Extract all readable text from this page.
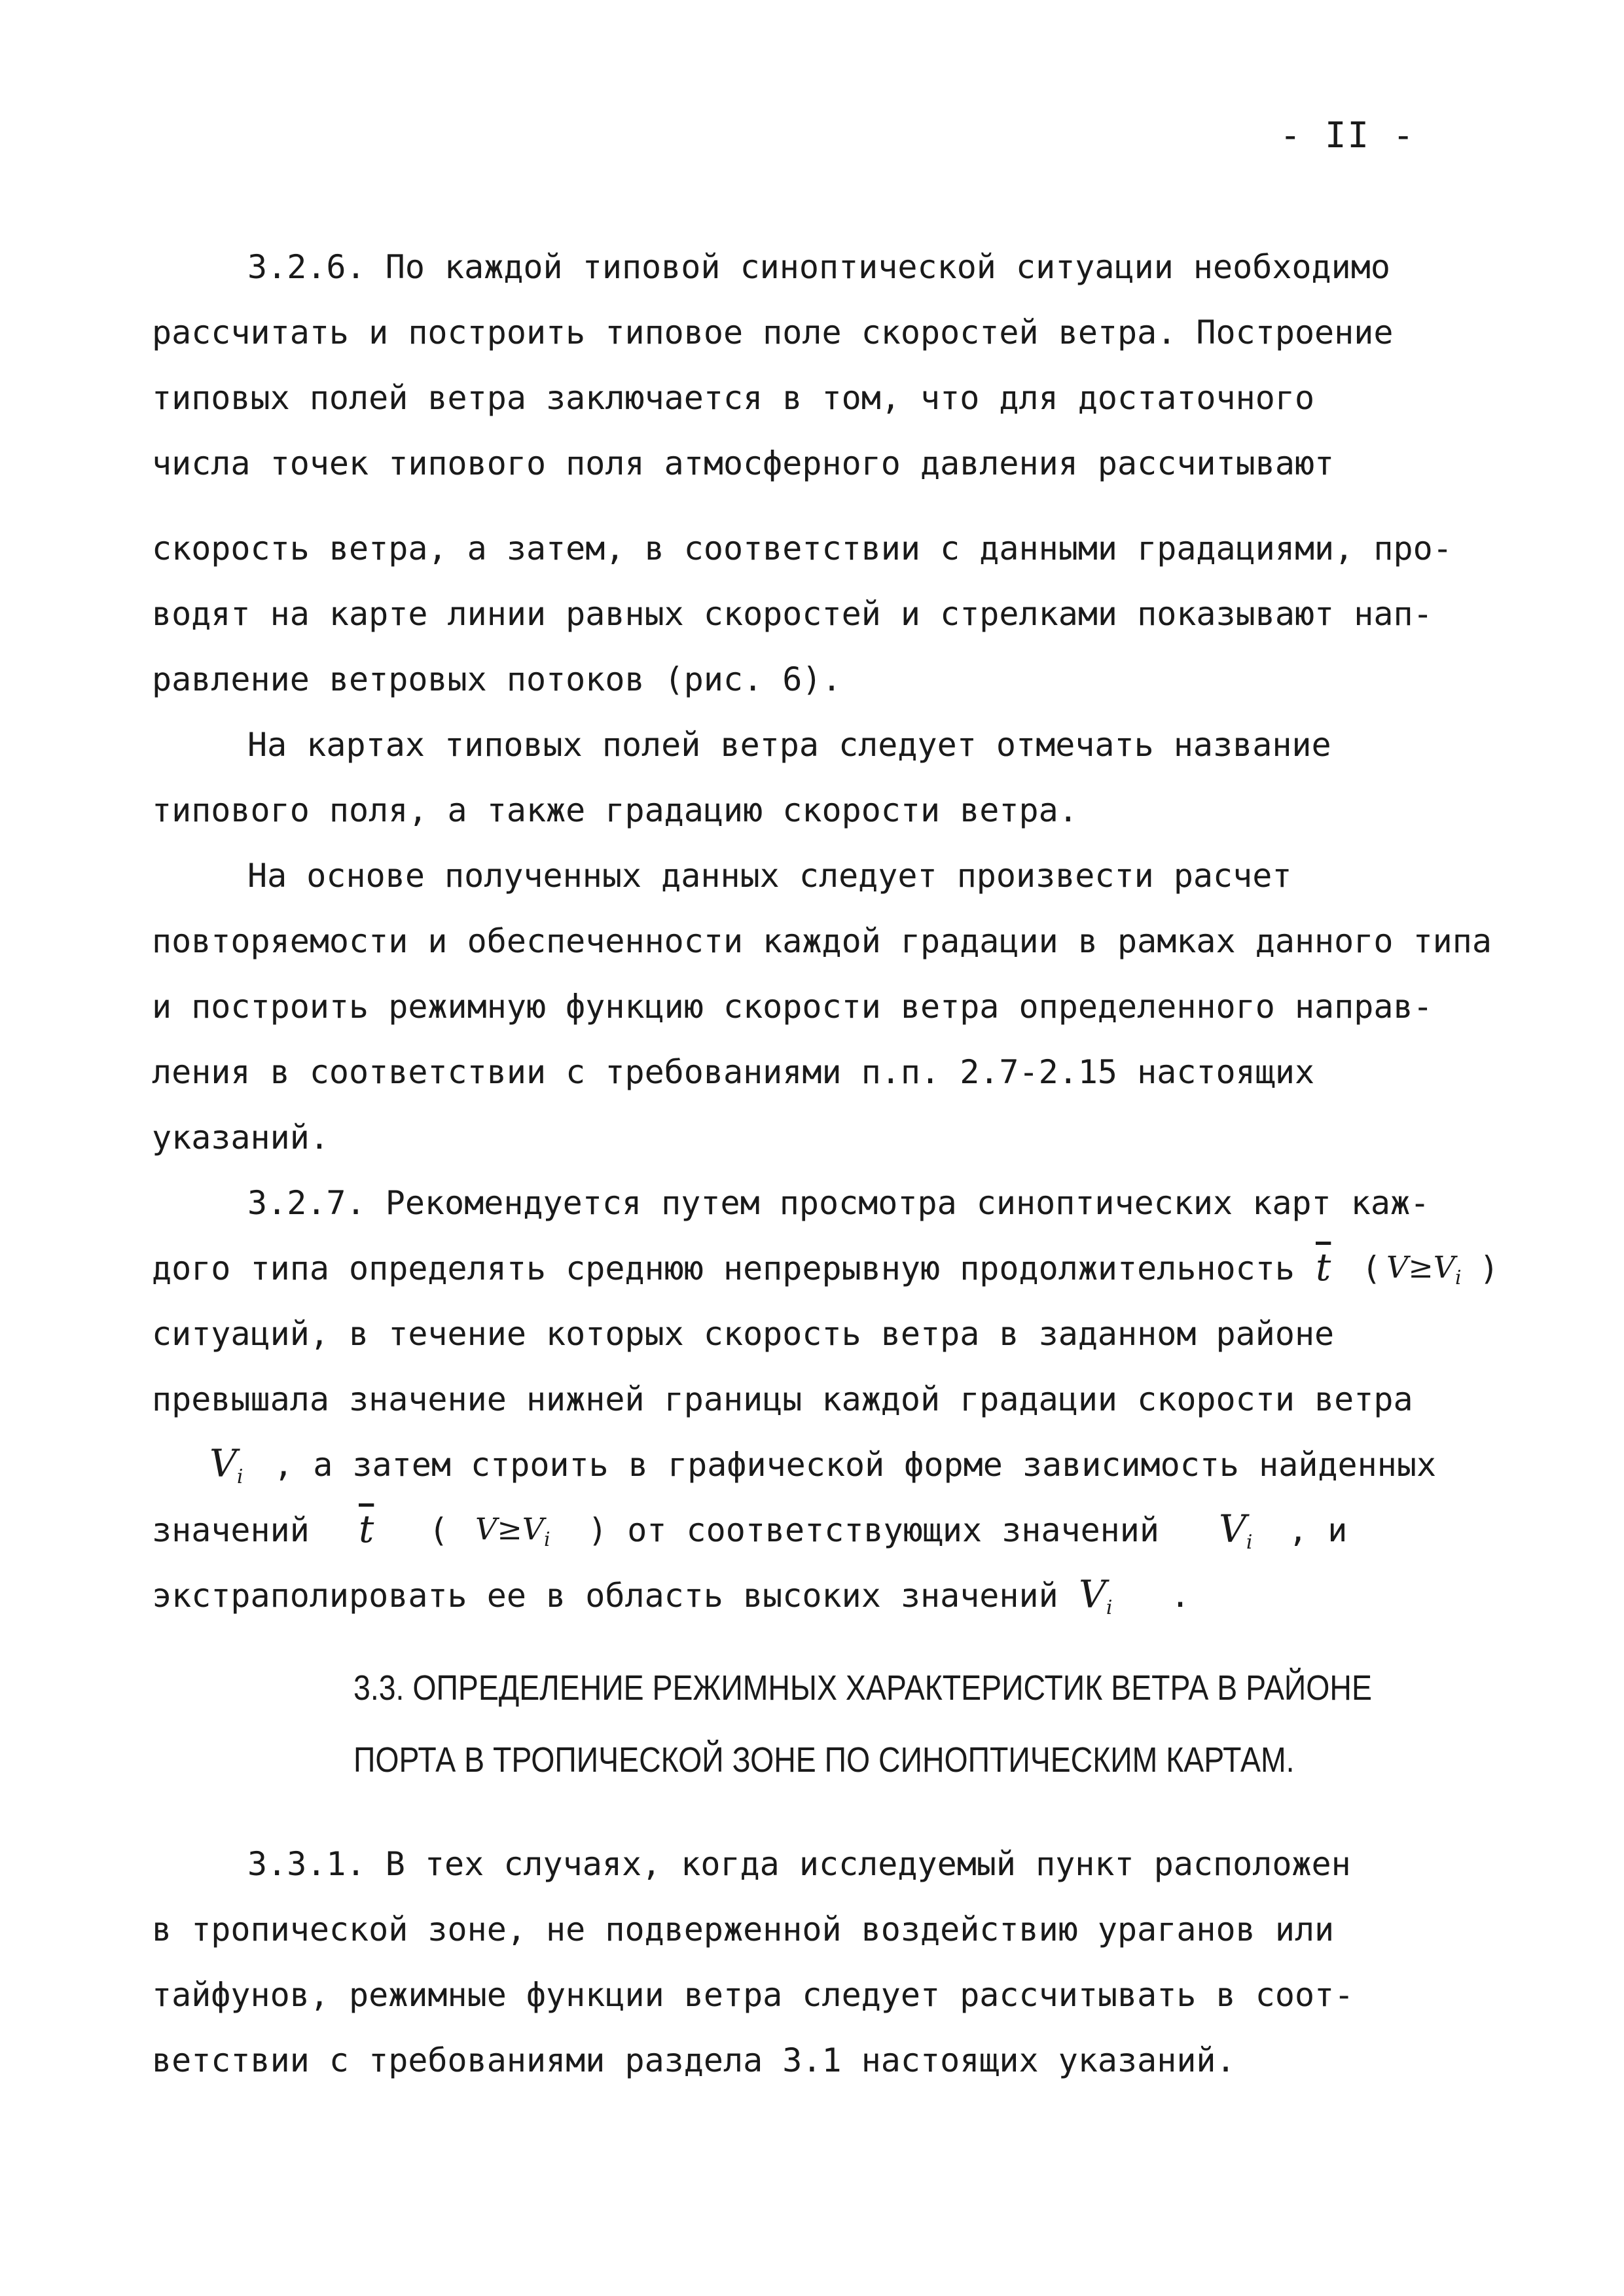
- II -
3.2.6. По каждой типовой синоптической ситуации необходимо
рассчитать и построить типовое поле скоростей ветра. Построение
типовых полей ветра заключается в том, что для достаточного
числа точек типового поля атмосферного давления рассчитывают
скорость ветра, а затем, в соответствии с данными градациями, про-
водят на карте линии равных скоростей и стрелками показывают нап-
равление ветровых потоков (рис. 6).
На картах типовых полей ветра следует отмечать название
типового поля, а также градацию скорости ветра.
На основе полученных данных следует произвести расчет
повторяемости и обеспеченности каждой градации в рамках данного типа
и построить режимную функцию скорости ветра определенного направ-
ления в соответствии с требованиями п.п. 2.7-2.15 настоящих
указаний.
3.2.7. Рекомендуется путем просмотра синоптических карт каж-
дого типа определять среднюю непрерывную продолжительность $\overline{t}$ ( $V\ge V_i$ )
ситуаций, в течение которых скорость ветра в заданном районе
превышала значение нижней границы каждой градации скорости ветра
Vi , а затем строить в графической форме зависимость найденных
значений $\overline{t}$ ( $V\ge V_i$ ) от соответствующих значений Vi , и
экстраполировать ее в область высоких значений Vi .
3.3. ОПРЕДЕЛЕНИЕ РЕЖИМНЫХ ХАРАКТЕРИСТИК ВЕТРА В РАЙОНЕ
ПОРТА В ТРОПИЧЕСКОЙ ЗОНЕ ПО СИНОПТИЧЕСКИМ КАРТАМ.
3.3.1. В тех случаях, когда исследуемый пункт расположен
в тропической зоне, не подверженной воздействию ураганов или
тайфунов, режимные функции ветра следует рассчитывать в соот-
ветствии с требованиями раздела 3.1 настоящих указаний.
